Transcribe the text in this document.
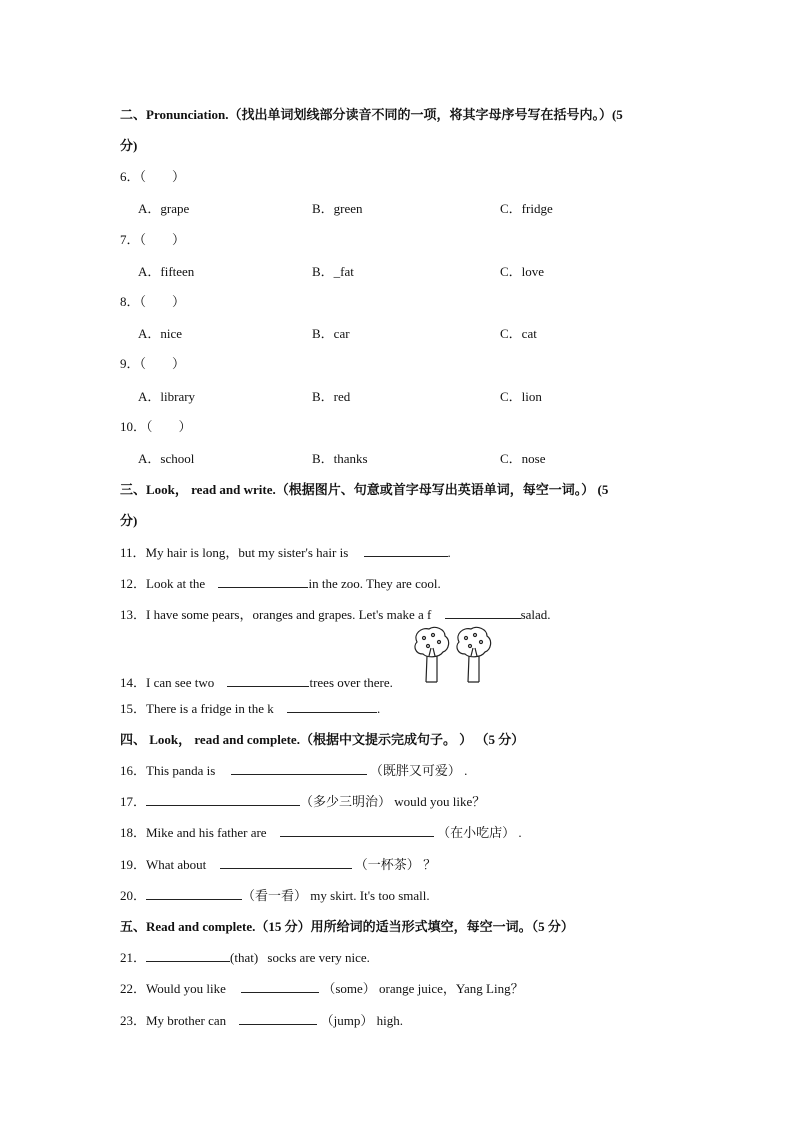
二、Pronunciation.（找出单词划线部分读音不同的一项，将其字母序号写在括号内。）(5
分)
6．（　　）
A．grape	B．green	C．fridge
7．（　　）
A．fifteen	B．_fat	C．love
8．（　　）
A．nice	B．car	C．cat
9．（　　）
A．library	B．red	C．lion
10．（　　）
A．school	B．thanks	C．nose
三、Look， read and write.（根据图片、句意或首字母写出英语单词，每空一词。） (5
分)
11．My hair is long，but my sister's hair is	.
12．Look at the	in the zoo. They are cool.
13．I have some pears，oranges and grapes. Let's make a f	salad.
14．I can see two	trees over there.
15．There is a fridge in the k	.
四、 Look， read and complete.（根据中文提示完成句子。 ） （5 分）
16．This panda is	（既胖又可爱） .
17．	（多少三明治） would you like？
18．Mike and his father are	（在小吃店） .
19．What about	（一杯茶） ？
20．	（看一看） my skirt. It's too small.
五、Read and complete.（15 分）用所给词的适当形式填空，每空一词。（5 分）
21．	(that) socks are very nice.
22．Would you like	（some） orange juice，Yang Ling？
23．My brother can	（jump） high.
